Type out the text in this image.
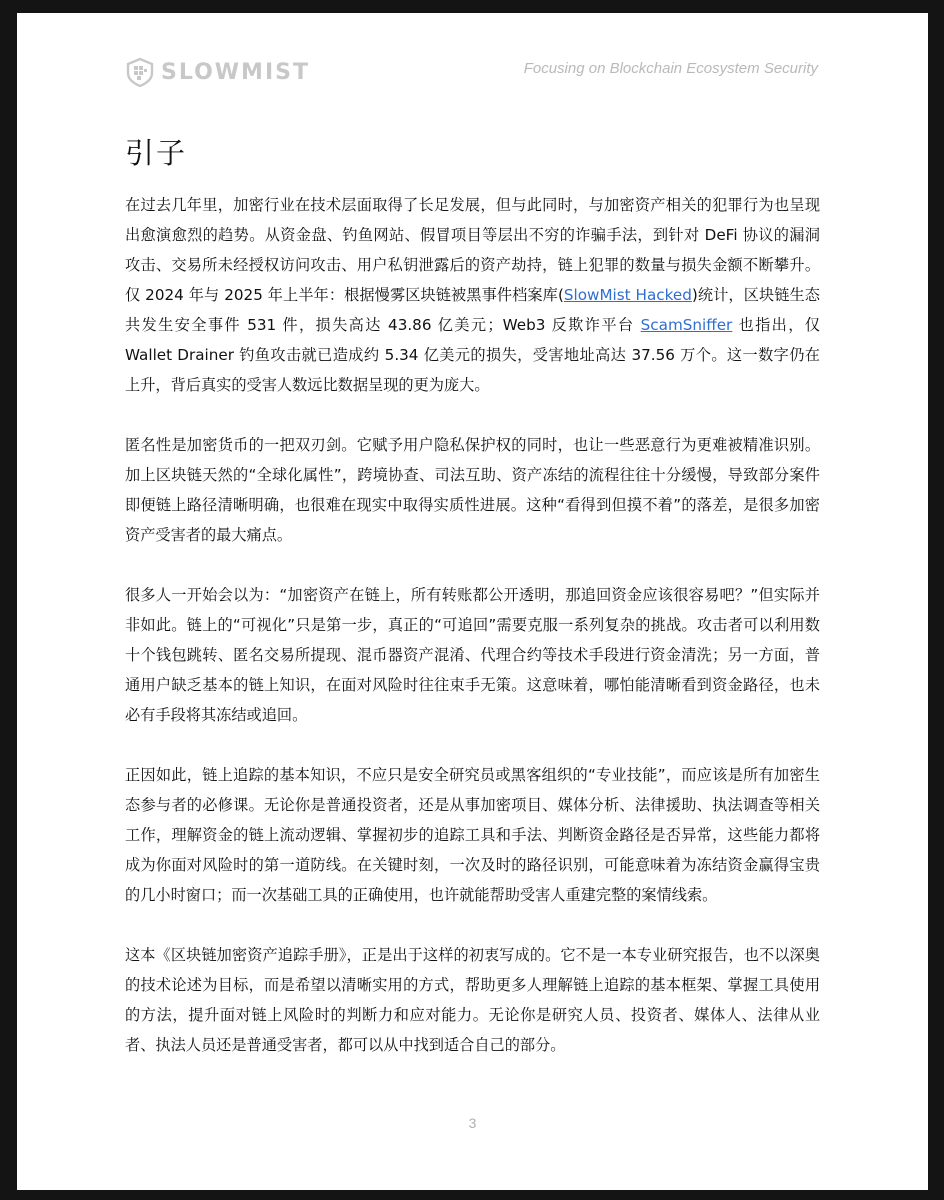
SLOWMIST	Focusing on Blockchain Ecosystem Security
引子

在过去几年里，加密行业在技术层面取得了长足发展，但与此同时，与加密资产相关的犯罪行为也呈现出愈演愈烈的趋势。从资金盘、钓鱼网站、假冒项目等层出不穷的诈骗手法，到针对 DeFi 协议的漏洞攻击、交易所未经授权访问攻击、用户私钥泄露后的资产劫持，链上犯罪的数量与损失金额不断攀升。仅 2024 年与 2025 年上半年：根据慢雾区块链被黑事件档案库(SlowMist Hacked)统计，区块链生态共发生安全事件 531 件，损失高达 43.86 亿美元；Web3 反欺诈平台 ScamSniffer 也指出，仅 Wallet Drainer 钓鱼攻击就已造成约 5.34 亿美元的损失，受害地址高达 37.56 万个。这一数字仍在上升，背后真实的受害人数远比数据呈现的更为庞大。

匿名性是加密货币的一把双刃剑。它赋予用户隐私保护权的同时，也让一些恶意行为更难被精准识别。加上区块链天然的“全球化属性”，跨境协查、司法互助、资产冻结的流程往往十分缓慢，导致部分案件即便链上路径清晰明确，也很难在现实中取得实质性进展。这种“看得到但摸不着”的落差，是很多加密资产受害者的最大痛点。

很多人一开始会以为：“加密资产在链上，所有转账都公开透明，那追回资金应该很容易吧？”但实际并非如此。链上的“可视化”只是第一步，真正的“可追回”需要克服一系列复杂的挑战。攻击者可以利用数十个钱包跳转、匿名交易所提现、混币器资产混淆、代理合约等技术手段进行资金清洗；另一方面，普通用户缺乏基本的链上知识，在面对风险时往往束手无策。这意味着，哪怕能清晰看到资金路径，也未必有手段将其冻结或追回。

正因如此，链上追踪的基本知识，不应只是安全研究员或黑客组织的“专业技能”，而应该是所有加密生态参与者的必修课。无论你是普通投资者，还是从事加密项目、媒体分析、法律援助、执法调查等相关工作，理解资金的链上流动逻辑、掌握初步的追踪工具和手法、判断资金路径是否异常，这些能力都将成为你面对风险时的第一道防线。在关键时刻，一次及时的路径识别，可能意味着为冻结资金赢得宝贵的几小时窗口；而一次基础工具的正确使用，也许就能帮助受害人重建完整的案情线索。

这本《区块链加密资产追踪手册》，正是出于这样的初衷写成的。它不是一本专业研究报告，也不以深奥的技术论述为目标，而是希望以清晰实用的方式，帮助更多人理解链上追踪的基本框架、掌握工具使用的方法，提升面对链上风险时的判断力和应对能力。无论你是研究人员、投资者、媒体人、法律从业者、执法人员还是普通受害者，都可以从中找到适合自己的部分。

3
